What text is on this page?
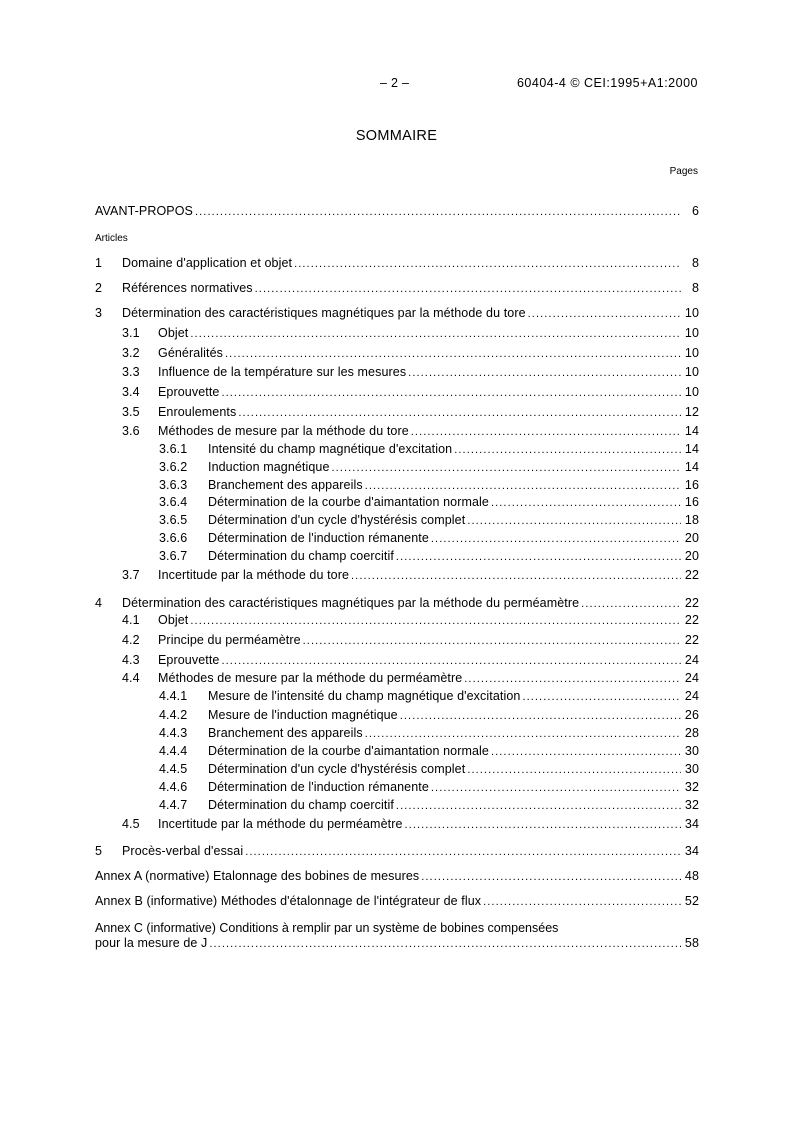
– 2 –	60404-4 © CEI:1995+A1:2000
SOMMAIRE
Pages
Articles
Annex C (informative) Conditions à remplir par un système de bobines compensées
pour la mesure de J .....	58
AVANT-PROPOS .....	6
1 Domaine d'application et objet .....	8
2 Références normatives .....	8
3 Détermination des caractéristiques magnétiques par la méthode du tore .....	10
3.1 Objet .....	10
3.2 Généralités .....	10
3.3 Influence de la température sur les mesures .....	10
3.4 Eprouvette .....	10
3.5 Enroulements .....	12
3.6 Méthodes de mesure par la méthode du tore .....	14
3.6.1 Intensité du champ magnétique d'excitation .....	14
3.6.2 Induction magnétique .....	14
3.6.3 Branchement des appareils .....	16
3.6.4 Détermination de la courbe d'aimantation normale .....	16
3.6.5 Détermination d'un cycle d'hystérésis complet .....	18
3.6.6 Détermination de l'induction rémanente .....	20
3.6.7 Détermination du champ coercitif .....	20
3.7 Incertitude par la méthode du tore .....	22
4 Détermination des caractéristiques magnétiques par la méthode du perméamètre .....	22
4.1 Objet .....	22
4.2 Principe du perméamètre .....	22
4.3 Eprouvette .....	24
4.4 Méthodes de mesure par la méthode du perméamètre .....	24
4.4.1 Mesure de l'intensité du champ magnétique d'excitation .....	24
4.4.2 Mesure de l'induction magnétique .....	26
4.4.3 Branchement des appareils .....	28
4.4.4 Détermination de la courbe d'aimantation normale .....	30
4.4.5 Détermination d'un cycle d'hystérésis complet .....	30
4.4.6 Détermination de l'induction rémanente .....	32
4.4.7 Détermination du champ coercitif .....	32
4.5 Incertitude par la méthode du perméamètre .....	34
5 Procès-verbal d'essai .....	34
Annex A (normative) Etalonnage des bobines de mesures .....	48
Annex B (informative) Méthodes d'étalonnage de l'intégrateur de flux .....	52
